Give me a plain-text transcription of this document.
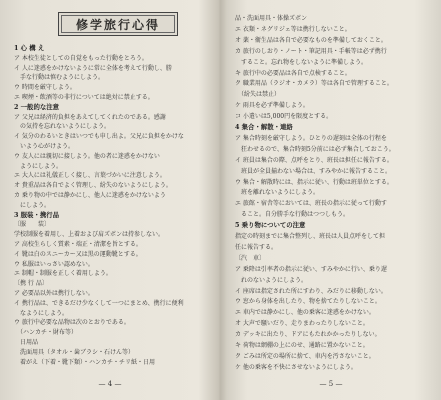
修学旅行心得
1 心 構 え
ア 本校生徒としての自覚をもった行動をとろう。
イ 人に迷惑をかけないように常に全体を考えて行動し、勝
　手な行動は慎むようにしよう。
ウ 時間を厳守しよう。
エ 喫煙・飲酒等の非行については絶対に禁止する。
2 一般的な注意
ア 父兄は経済的負担をあえてしてくれたのである。感謝
　の気持を忘れないようにしよう。
イ 気分のわるいときはいつでも申し出よ。父兄に負担をかけな
　いよう心がけよう。
ウ 友人には親切に接しよう。他の者に迷惑をかけない
　ようにしよう。
エ 大人には礼儀正しく接し、言葉づかいに注意しよう。
オ 貴重品は各自でよく管理し、紛失のないようにしよう。
カ 乗り物の中では静かにし、他人に迷惑をかけないよう
　にしよう。
3 服装・携行品
〔服　　装〕
学校制服を着用し、上着および肩ズボンは持参しない。
ア 高校生らしく質素・端正・清潔を旨とする。
イ 靴は白のスニーカー又は黒の運動靴とする。
ウ 私服はいっさい認めない。
エ 制帽・制服を正しく着用しよう。
〔携 行 品〕
ア 必要品以外は携行しない。
イ 携行品は、できるだけ少なくして一つにまとめ、携行に便利
　なようにしよう。
ウ 旅行中必要な品物は次のとおりである。
　（ハンカチ・財布等）
　日用品
　洗面用具（タオル・歯ブラシ・石けん等）
　着がえ（下着・靴下類）・ハンカチ・チリ紙・日用
— 4 —
品・洗面用具・体操ズボン
エ 衣類・ネグリジェ等は携行しないこと。
オ 薬・衛生品は各自で必要なものを準備しておくこと。
カ 旅行のしおり・ノート・筆記用具・手帳等は必ず携行
　すること。忘れ物をしないように準備しよう。
キ 旅行中の必要品は各自で点検すること。
ク 職業用品（ラジオ・カメラ）等は各自で管理すること。
　（紛失は禁止）
ケ 雨具を必ず準備しよう。
コ 小遣いは5,000円を限度とする。
4 集合・解散・連絡
ア 集合時刻を厳守しよう。ひとりの遅刻は全体の行程を
　狂わせるので、集合時刻5分前には必ず集合しておこう。
イ 班員は集合の際、点呼をとり、班長は担任に報告する。
　班員が全員揃わない場合は、すみやかに報告すること。
ウ 集合・解散時には、指示に従い、行動は班単位とする。
　班を離れないようにしよう。
エ 旅館・宿舎等においては、班長の指示に従って行動す
　ること。自分勝手な行動はつつしもう。
5 乗り物についての注意
指定の時刻までに集合整列し、班長は人員点呼をして担
任に報告する。
〔汽　車〕
ア 乗降は引率者の指示に従い、すみやかに行い、乗り遅
　れのないようにしよう。
イ 座席は指定された所にすわり、みだりに移動しない。
ウ 窓から身体を出したり、物を捨てたりしないこと。
エ 車内では静かにし、他の乗客に迷惑をかけない。
オ 大声で騒いだり、走りまわったりしないこと。
カ デッキに出たり、ドアにもたれかかったりしない。
キ 荷物は網棚の上にのせ、通路に置かないこと。
ク ごみは所定の場所に捨て、車内を汚さないこと。
ケ 他の乗客を不快にさせないようにしよう。
— 5 —
